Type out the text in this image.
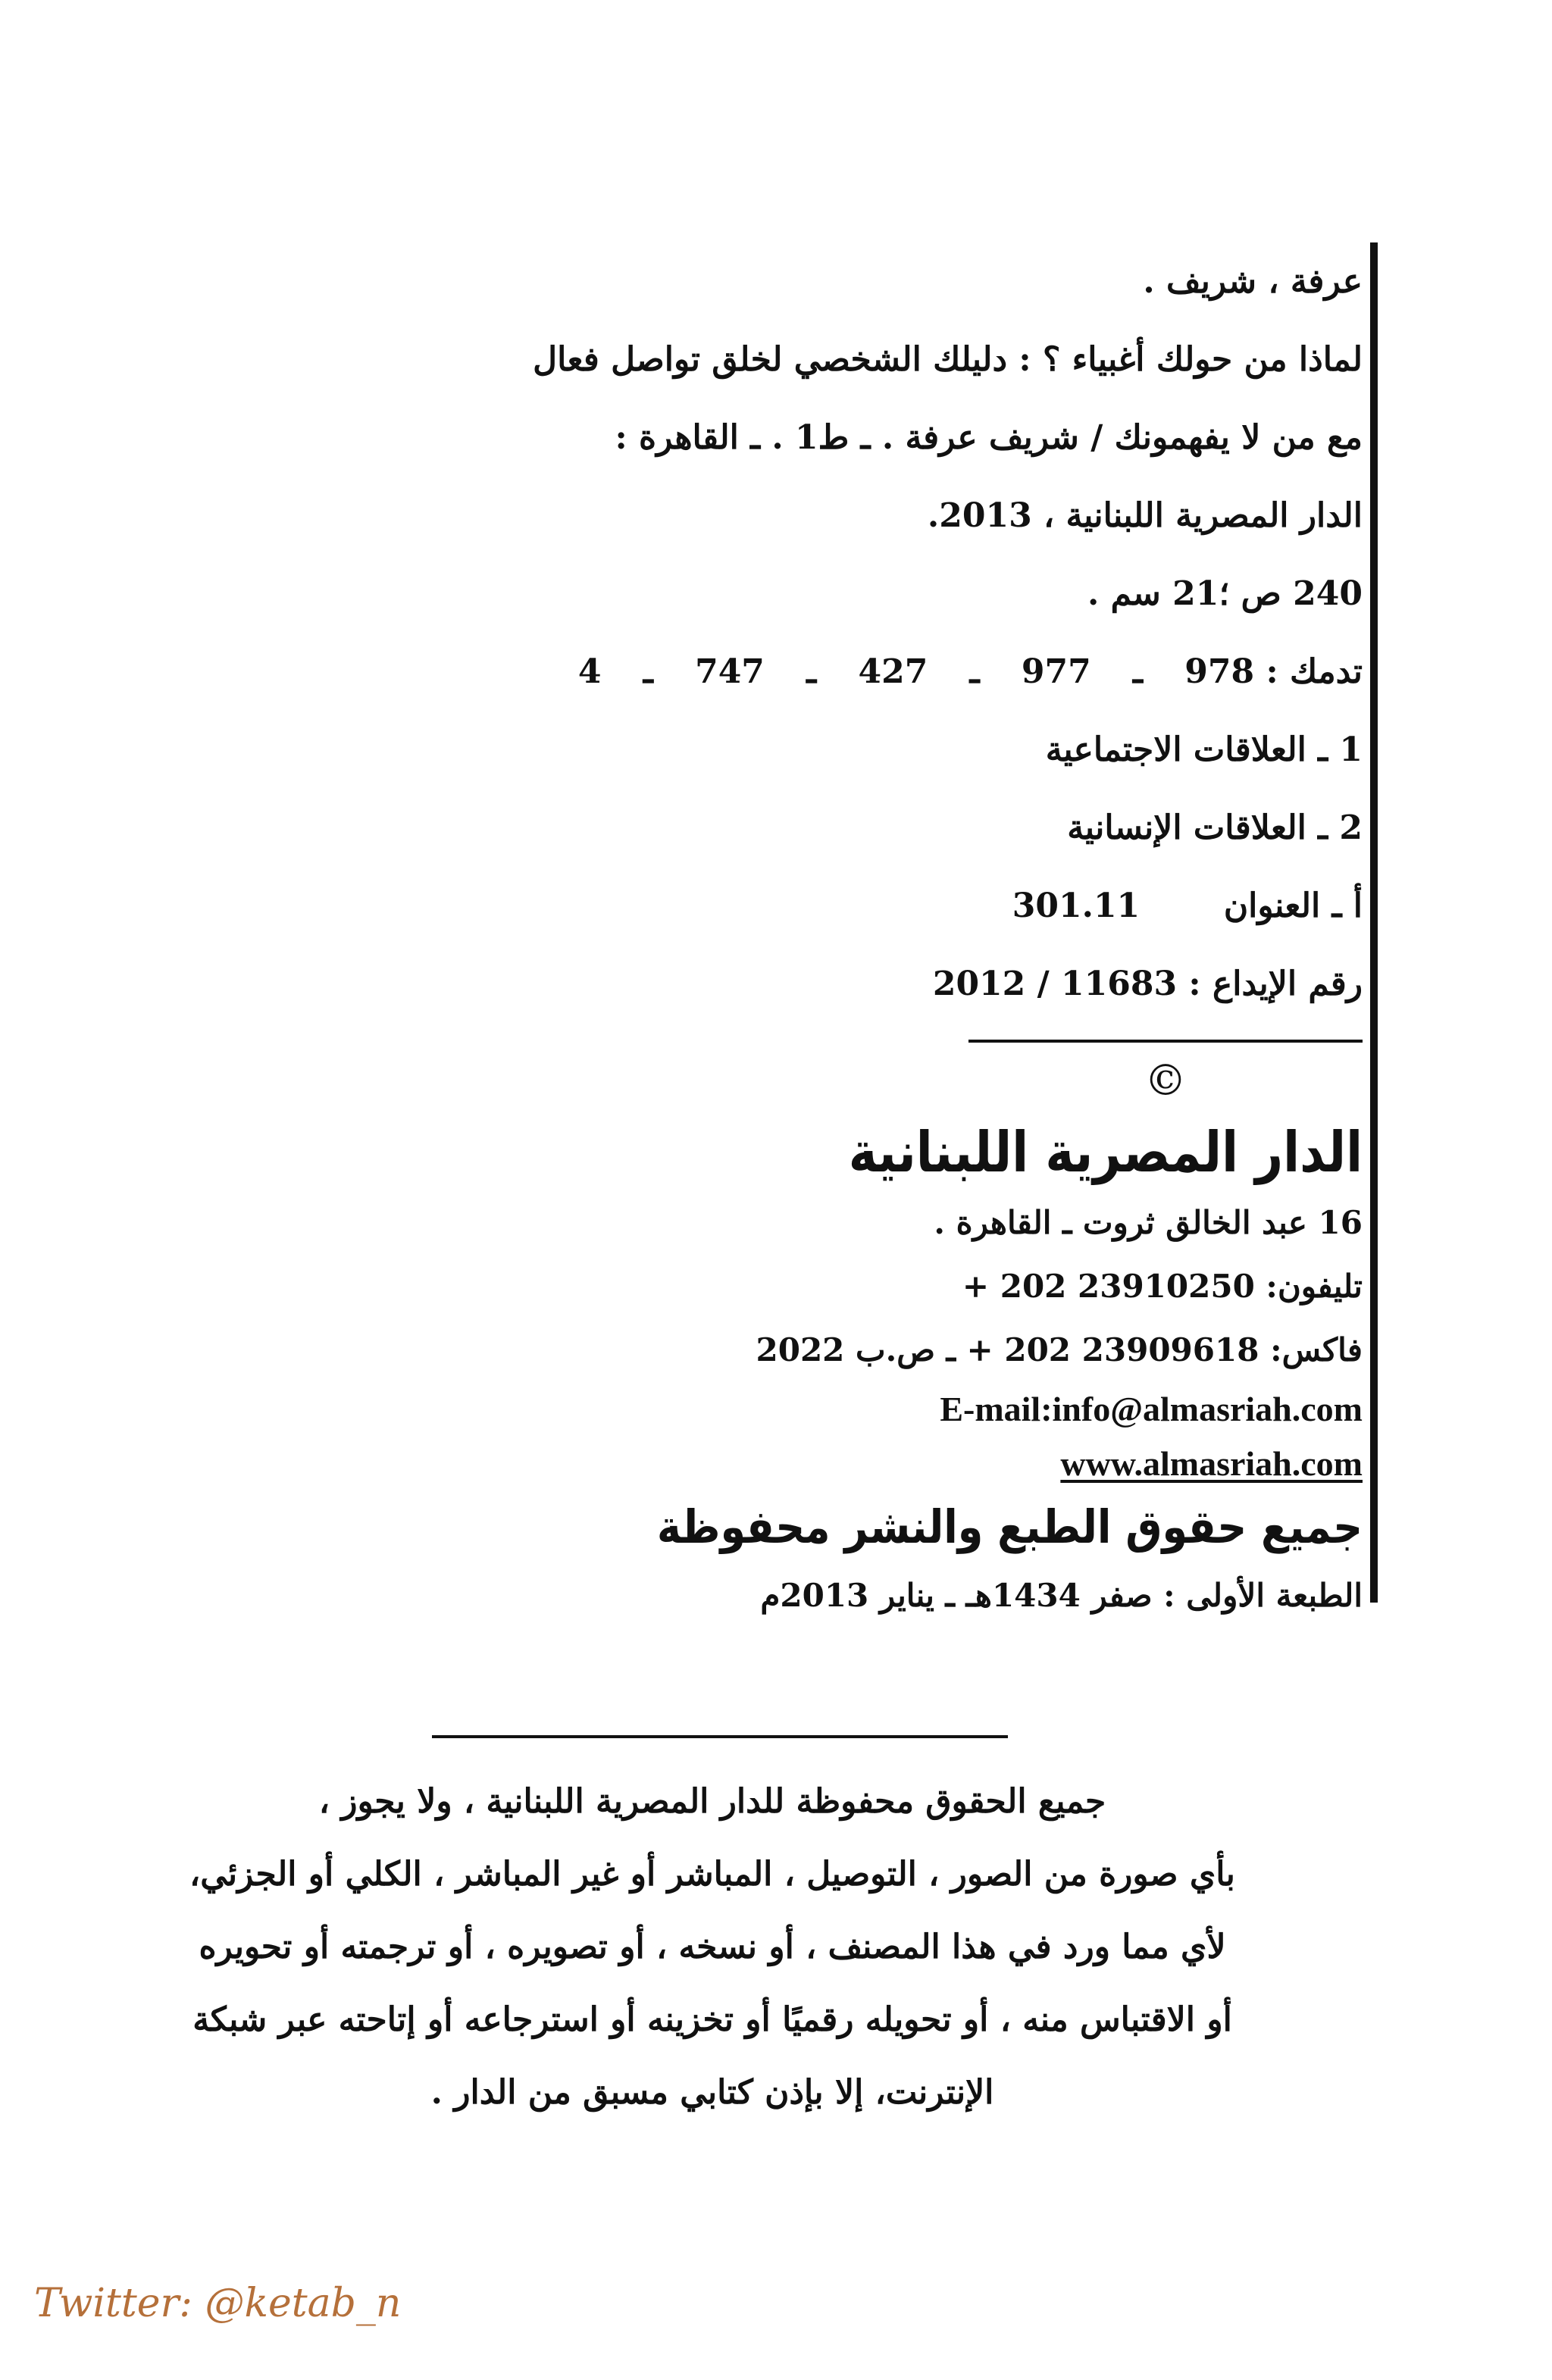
عرفة ، شريف .
لماذا من حولك أغبياء ؟ : دليلك الشخصي لخلق تواصل فعال
مع من لا يفهمونك / شريف عرفة . ـ ط1 . ـ القاهرة :
الدار المصرية اللبنانية ، 2013.
240 ص ؛21 سم .
تدمك : 978 ـ 977 ـ 427 ـ 747 ـ 4
1 ـ العلاقات الاجتماعية
2 ـ العلاقات الإنسانية
أ ـ العنوان  301.11
رقم الإيداع : 11683 / 2012
©
الدار المصرية اللبنانية
16 عبد الخالق ثروت ـ القاهرة .
تليفون: 23910250 202 +
فاكس: 23909618 202 + ـ ص.ب 2022
E-mail:info@almasriah.com
www.almasriah.com
جميع حقوق الطبع والنشر محفوظة
الطبعة الأولى : صفر 1434هـ ـ يناير 2013م
جميع الحقوق محفوظة للدار المصرية اللبنانية ، ولا يجوز ،
بأي صورة من الصور ، التوصيل ، المباشر أو غير المباشر ، الكلي أو الجزئي،
لأي مما ورد في هذا المصنف ، أو نسخه ، أو تصويره ، أو ترجمته أو تحويره
أو الاقتباس منه ، أو تحويله رقميًا أو تخزينه أو استرجاعه أو إتاحته عبر شبكة
الإنترنت، إلا بإذن كتابي مسبق من الدار .
Twitter: @ketab_n
